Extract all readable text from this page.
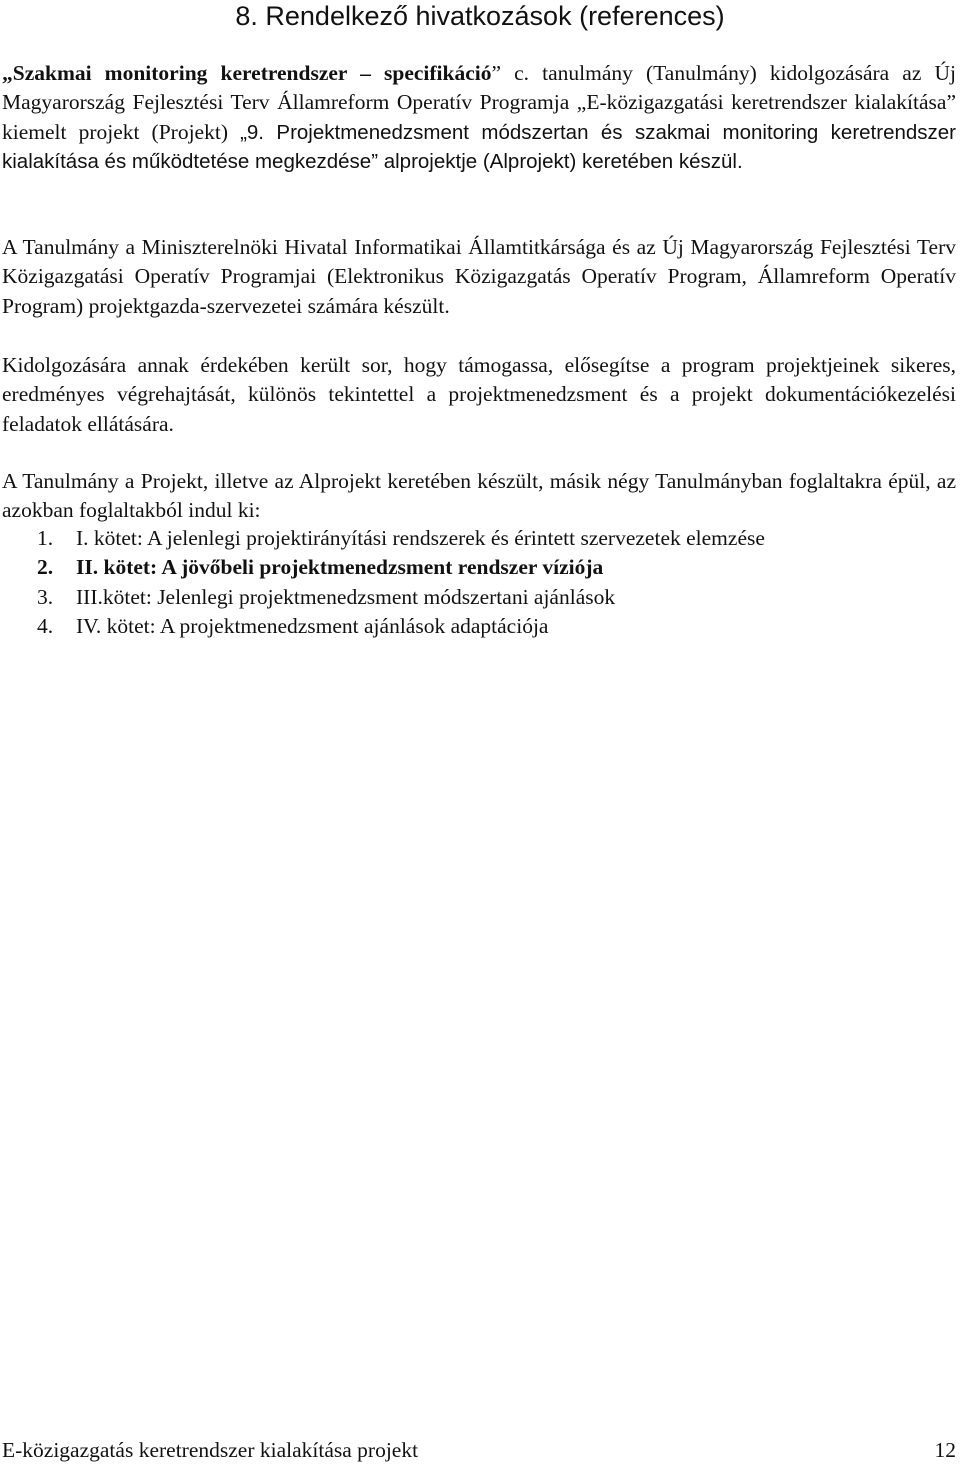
8. Rendelkező hivatkozások (references)

„Szakmai monitoring keretrendszer – specifikáció” c. tanulmány (Tanulmány) kidolgozására az Új Magyarország Fejlesztési Terv Államreform Operatív Programja „E-közigazgatási keretrendszer kialakítása” kiemelt projekt (Projekt) „9. Projektmenedzsment módszertan és szakmai monitoring keretrendszer kialakítása és működtetése megkezdése” alprojektje (Alprojekt) keretében készül.

A Tanulmány a Miniszterelnöki Hivatal Informatikai Államtitkársága és az Új Magyarország Fejlesztési Terv Közigazgatási Operatív Programjai (Elektronikus Közigazgatás Operatív Program, Államreform Operatív Program) projektgazda-szervezetei számára készült.

Kidolgozására annak érdekében került sor, hogy támogassa, elősegítse a program projektjeinek sikeres, eredményes végrehajtását, különös tekintettel a projektmenedzsment és a projekt dokumentációkezelési feladatok ellátására.

A Tanulmány a Projekt, illetve az Alprojekt keretében készült, másik négy Tanulmányban foglaltakra épül, az azokban foglaltakból indul ki:

1.	I. kötet: A jelenlegi projektirányítási rendszerek és érintett szervezetek elemzése
2.	II. kötet: A jövőbeli projektmenedzsment rendszer víziója
3.	III.kötet: Jelenlegi projektmenedzsment módszertani ajánlások
4.	IV. kötet: A projektmenedzsment ajánlások adaptációja
E-közigazgatás keretrendszer kialakítása projekt	12
